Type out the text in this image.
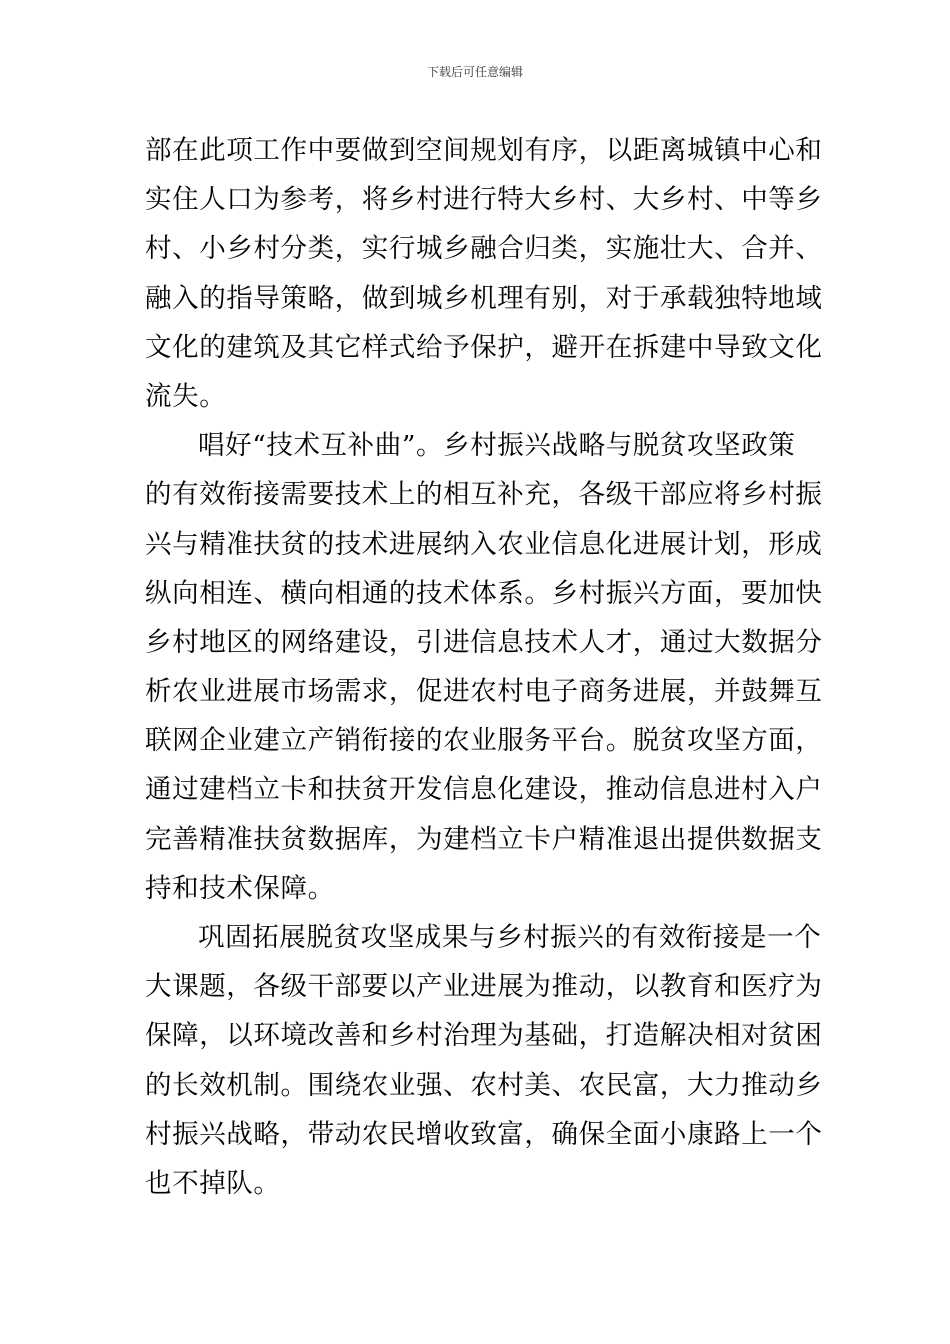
下载后可任意编辑
部在此项工作中要做到空间规划有序，以距离城镇中心和
实住人口为参考，将乡村进行特大乡村、大乡村、中等乡
村、小乡村分类，实行城乡融合归类，实施壮大、合并、
融入的指导策略，做到城乡机理有别，对于承载独特地域
文化的建筑及其它样式给予保护，避开在拆建中导致文化
流失。
唱好“技术互补曲”。乡村振兴战略与脱贫攻坚政策
的有效衔接需要技术上的相互补充，各级干部应将乡村振
兴与精准扶贫的技术进展纳入农业信息化进展计划，形成
纵向相连、横向相通的技术体系。乡村振兴方面，要加快
乡村地区的网络建设，引进信息技术人才，通过大数据分
析农业进展市场需求，促进农村电子商务进展，并鼓舞互
联网企业建立产销衔接的农业服务平台。脱贫攻坚方面，
通过建档立卡和扶贫开发信息化建设，推动信息进村入户
完善精准扶贫数据库，为建档立卡户精准退出提供数据支
持和技术保障。
巩固拓展脱贫攻坚成果与乡村振兴的有效衔接是一个
大课题，各级干部要以产业进展为推动，以教育和医疗为
保障，以环境改善和乡村治理为基础，打造解决相对贫困
的长效机制。围绕农业强、农村美、农民富，大力推动乡
村振兴战略，带动农民增收致富，确保全面小康路上一个
也不掉队。
